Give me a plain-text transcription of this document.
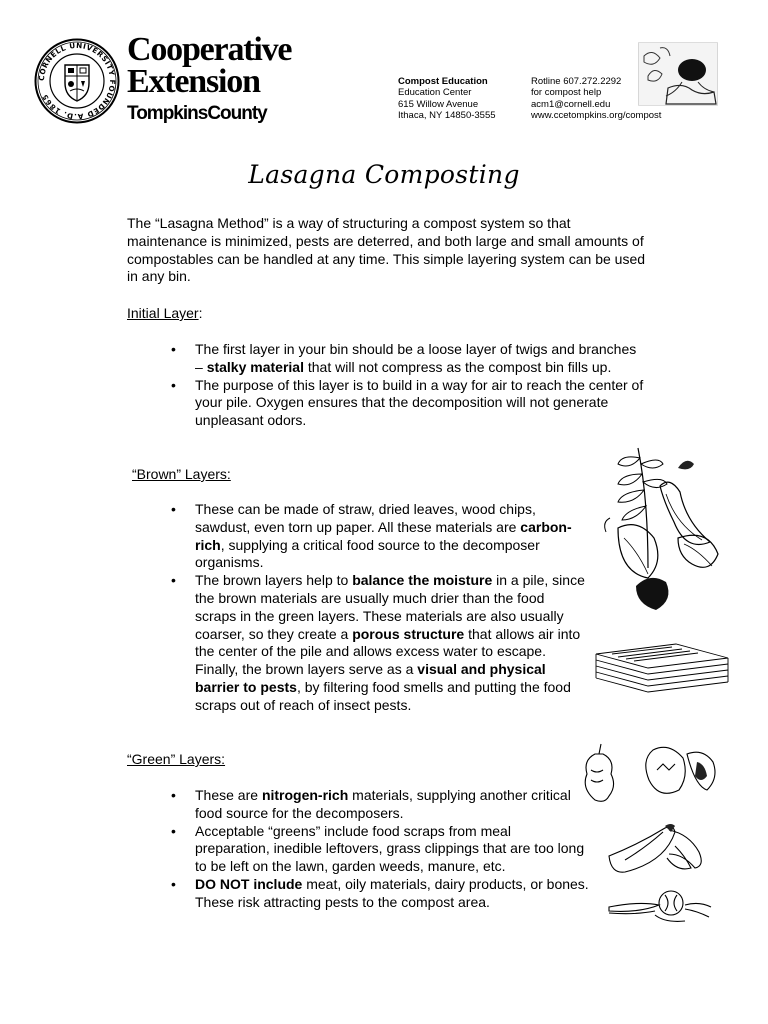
CORNELL UNIVERSITY FOUNDED A.D. 1865
Cooperative
Extension
TompkinsCounty
Compost Education
Education Center
615 Willow Avenue
Ithaca, NY 14850-3555
Rotline 607.272.2292
for compost help
acm1@cornell.edu
www.ccetompkins.org/compost
Lasagna Composting
The “Lasagna Method” is a way of structuring a compost system so that maintenance is minimized, pests are deterred, and both large and small amounts of compostables can be handled at any time. This simple layering system can be used in any bin.
Initial Layer:
• The first layer in your bin should be a loose layer of twigs and branches – stalky material that will not compress as the compost bin fills up.
• The purpose of this layer is to build in a way for air to reach the center of your pile. Oxygen ensures that the decomposition will not generate unpleasant odors.
“Brown” Layers:
• These can be made of straw, dried leaves, wood chips, sawdust, even torn up paper. All these materials are carbon-rich, supplying a critical food source to the decomposer organisms.
• The brown layers help to balance the moisture in a pile, since the brown materials are usually much drier than the food scraps in the green layers. These materials are also usually coarser, so they create a porous structure that allows air into the center of the pile and allows excess water to escape. Finally, the brown layers serve as a visual and physical barrier to pests, by filtering food smells and putting the food scraps out of reach of insect pests.
“Green” Layers:
• These are nitrogen-rich materials, supplying another critical food source for the decomposers.
• Acceptable “greens” include food scraps from meal preparation, inedible leftovers, grass clippings that are too long to be left on the lawn, garden weeds, manure, etc.
• DO NOT include meat, oily materials, dairy products, or bones. These risk attracting pests to the compost area.
